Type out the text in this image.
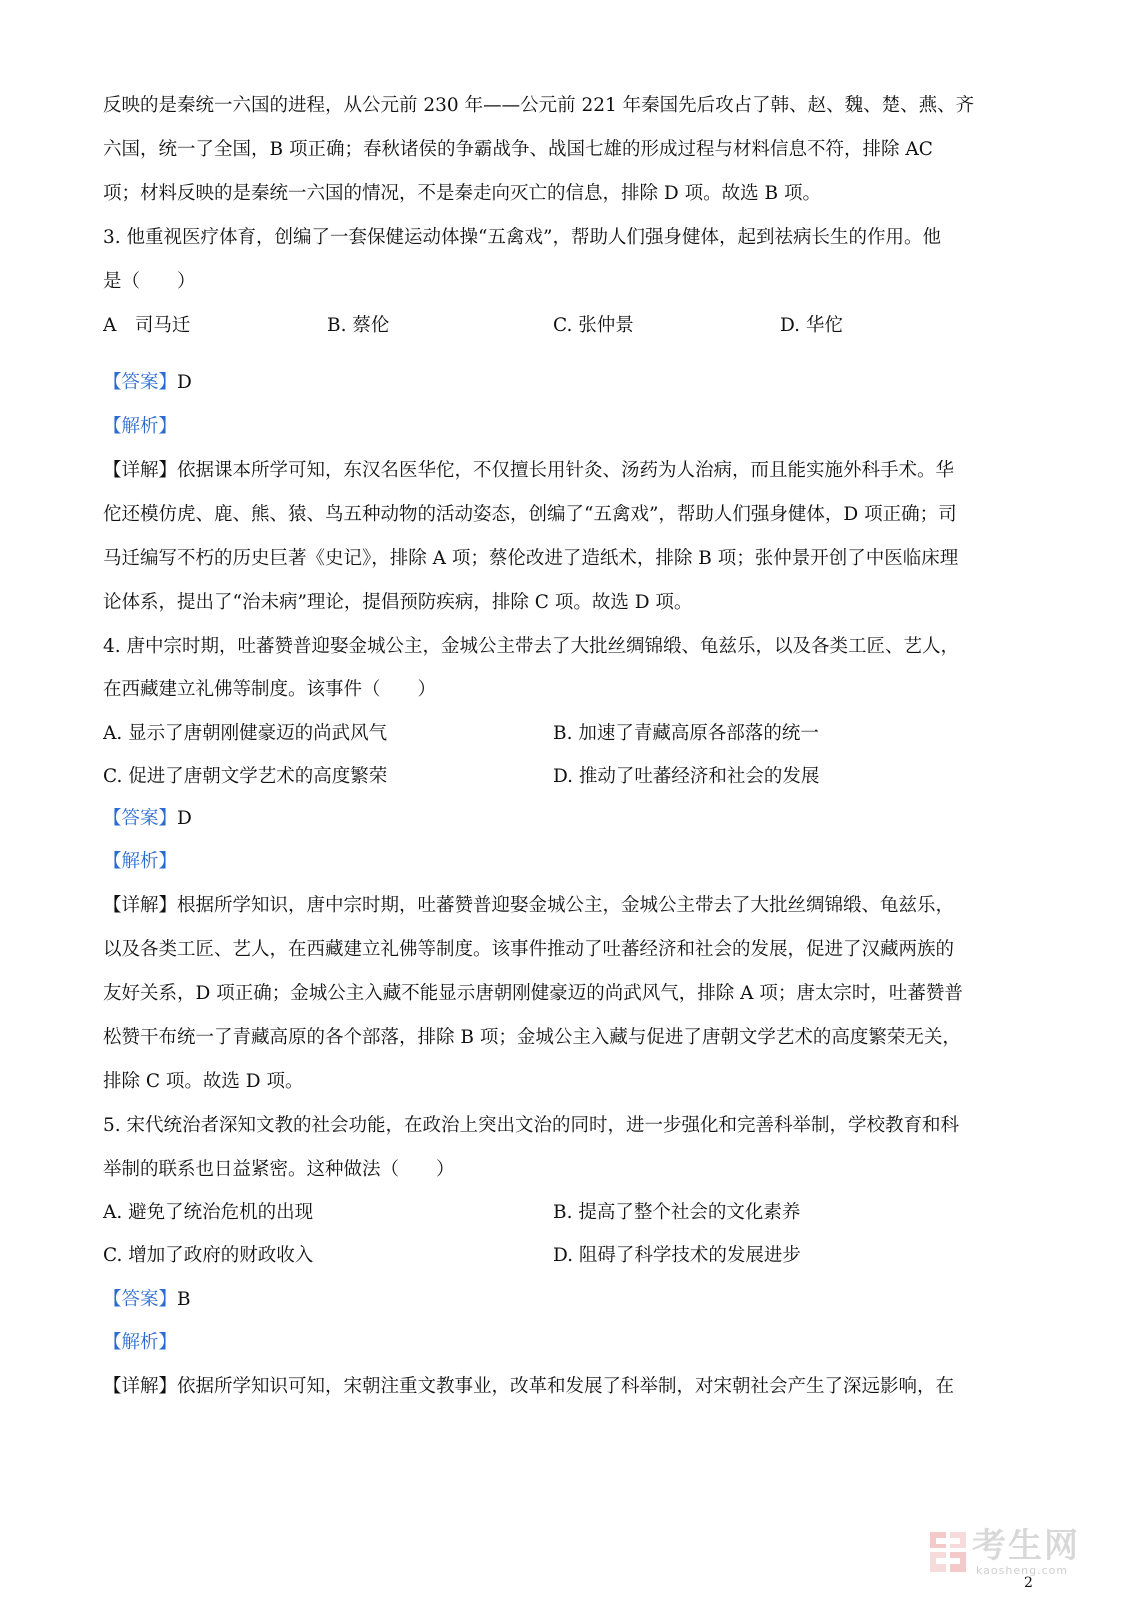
反映的是秦统一六国的进程，从公元前 230 年——公元前 221 年秦国先后攻占了韩、赵、魏、楚、燕、齐
六国，统一了全国，B 项正确；春秋诸侯的争霸战争、战国七雄的形成过程与材料信息不符，排除 AC
项；材料反映的是秦统一六国的情况，不是秦走向灭亡的信息，排除 D 项。故选 B 项。
3. 他重视医疗体育，创编了一套保健运动体操“五禽戏”，帮助人们强身健体，起到祛病长生的作用。他
是（　　）
A　司马迁	B. 蔡伦	C. 张仲景	D. 华佗
【答案】D
【解析】
【详解】依据课本所学可知，东汉名医华佗，不仅擅长用针灸、汤药为人治病，而且能实施外科手术。华
佗还模仿虎、鹿、熊、猿、鸟五种动物的活动姿态，创编了“五禽戏”，帮助人们强身健体，D 项正确；司
马迁编写不朽的历史巨著《史记》，排除 A 项；蔡伦改进了造纸术，排除 B 项；张仲景开创了中医临床理
论体系，提出了“治未病”理论，提倡预防疾病，排除 C 项。故选 D 项。
4. 唐中宗时期，吐蕃赞普迎娶金城公主，金城公主带去了大批丝绸锦缎、龟兹乐，以及各类工匠、艺人，
在西藏建立礼佛等制度。该事件（　　）
A. 显示了唐朝刚健豪迈的尚武风气	B. 加速了青藏高原各部落的统一
C. 促进了唐朝文学艺术的高度繁荣	D. 推动了吐蕃经济和社会的发展
【答案】D
【解析】
【详解】根据所学知识，唐中宗时期，吐蕃赞普迎娶金城公主，金城公主带去了大批丝绸锦缎、龟兹乐，
以及各类工匠、艺人，在西藏建立礼佛等制度。该事件推动了吐蕃经济和社会的发展，促进了汉藏两族的
友好关系，D 项正确；金城公主入藏不能显示唐朝刚健豪迈的尚武风气，排除 A 项；唐太宗时，吐蕃赞普
松赞干布统一了青藏高原的各个部落，排除 B 项；金城公主入藏与促进了唐朝文学艺术的高度繁荣无关，
排除 C 项。故选 D 项。
5. 宋代统治者深知文教的社会功能，在政治上突出文治的同时，进一步强化和完善科举制，学校教育和科
举制的联系也日益紧密。这种做法（　　）
A. 避免了统治危机的出现	B. 提高了整个社会的文化素养
C. 增加了政府的财政收入	D. 阻碍了科学技术的发展进步
【答案】B
【解析】
【详解】依据所学知识可知，宋朝注重文教事业，改革和发展了科举制，对宋朝社会产生了深远影响，在
考生网
kaosheng.com
2
